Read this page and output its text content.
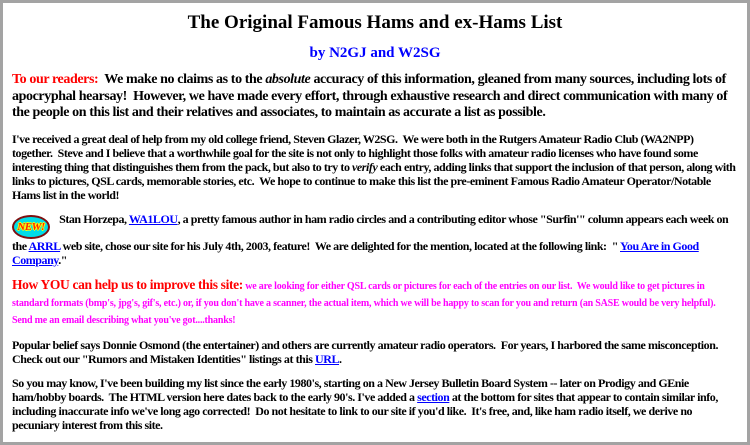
The Original Famous Hams and ex-Hams List
by N2GJ and W2SG

To our readers:  We make no claims as to the absolute accuracy of this information, gleaned from many sources, including lots of apocryphal hearsay!  However, we have made every effort, through exhaustive research and direct communication with many of the people on this list and their relatives and associates, to maintain as accurate a list as possible.

I've received a great deal of help from my old college friend, Steven Glazer, W2SG.  We were both in the Rutgers Amateur Radio Club (WA2NPP) together.  Steve and I believe that a worthwhile goal for the site is not only to highlight those folks with amateur radio licenses who have found some interesting thing that distinguishes them from the pack, but also to try to verify each entry, adding links that support the inclusion of that person, along with links to pictures, QSL cards, memorable stories, etc.  We hope to continue to make this list the pre-eminent Famous Radio Amateur Operator/Notable Hams list in the world!

NEW!  Stan Horzepa, WA1LOU, a pretty famous author in ham radio circles and a contributing editor whose "Surfin'" column appears each week on the ARRL web site, chose our site for his July 4th, 2003, feature!  We are delighted for the mention, located at the following link:  " You Are in Good Company."

How YOU can help us to improve this site: we are looking for either QSL cards or pictures for each of the entries on our list.  We would like to get pictures in standard formats (bmp's, jpg's, gif's, etc.) or, if you don't have a scanner, the actual item, which we will be happy to scan for you and return (an SASE would be very helpful).  Send me an email describing what you've got....thanks!

Popular belief says Donnie Osmond (the entertainer) and others are currently amateur radio operators.  For years, I harbored the same misconception. Check out our "Rumors and Mistaken Identities" listings at this URL.

So you may know, I've been building my list since the early 1980's, starting on a New Jersey Bulletin Board System -- later on Prodigy and GEnie ham/hobby boards.  The HTML version here dates back to the early 90's. I've added a section at the bottom for sites that appear to contain similar info, including inaccurate info we've long ago corrected!  Do not hesitate to link to our site if you'd like.  It's free, and, like ham radio itself, we derive no pecuniary interest from this site.
